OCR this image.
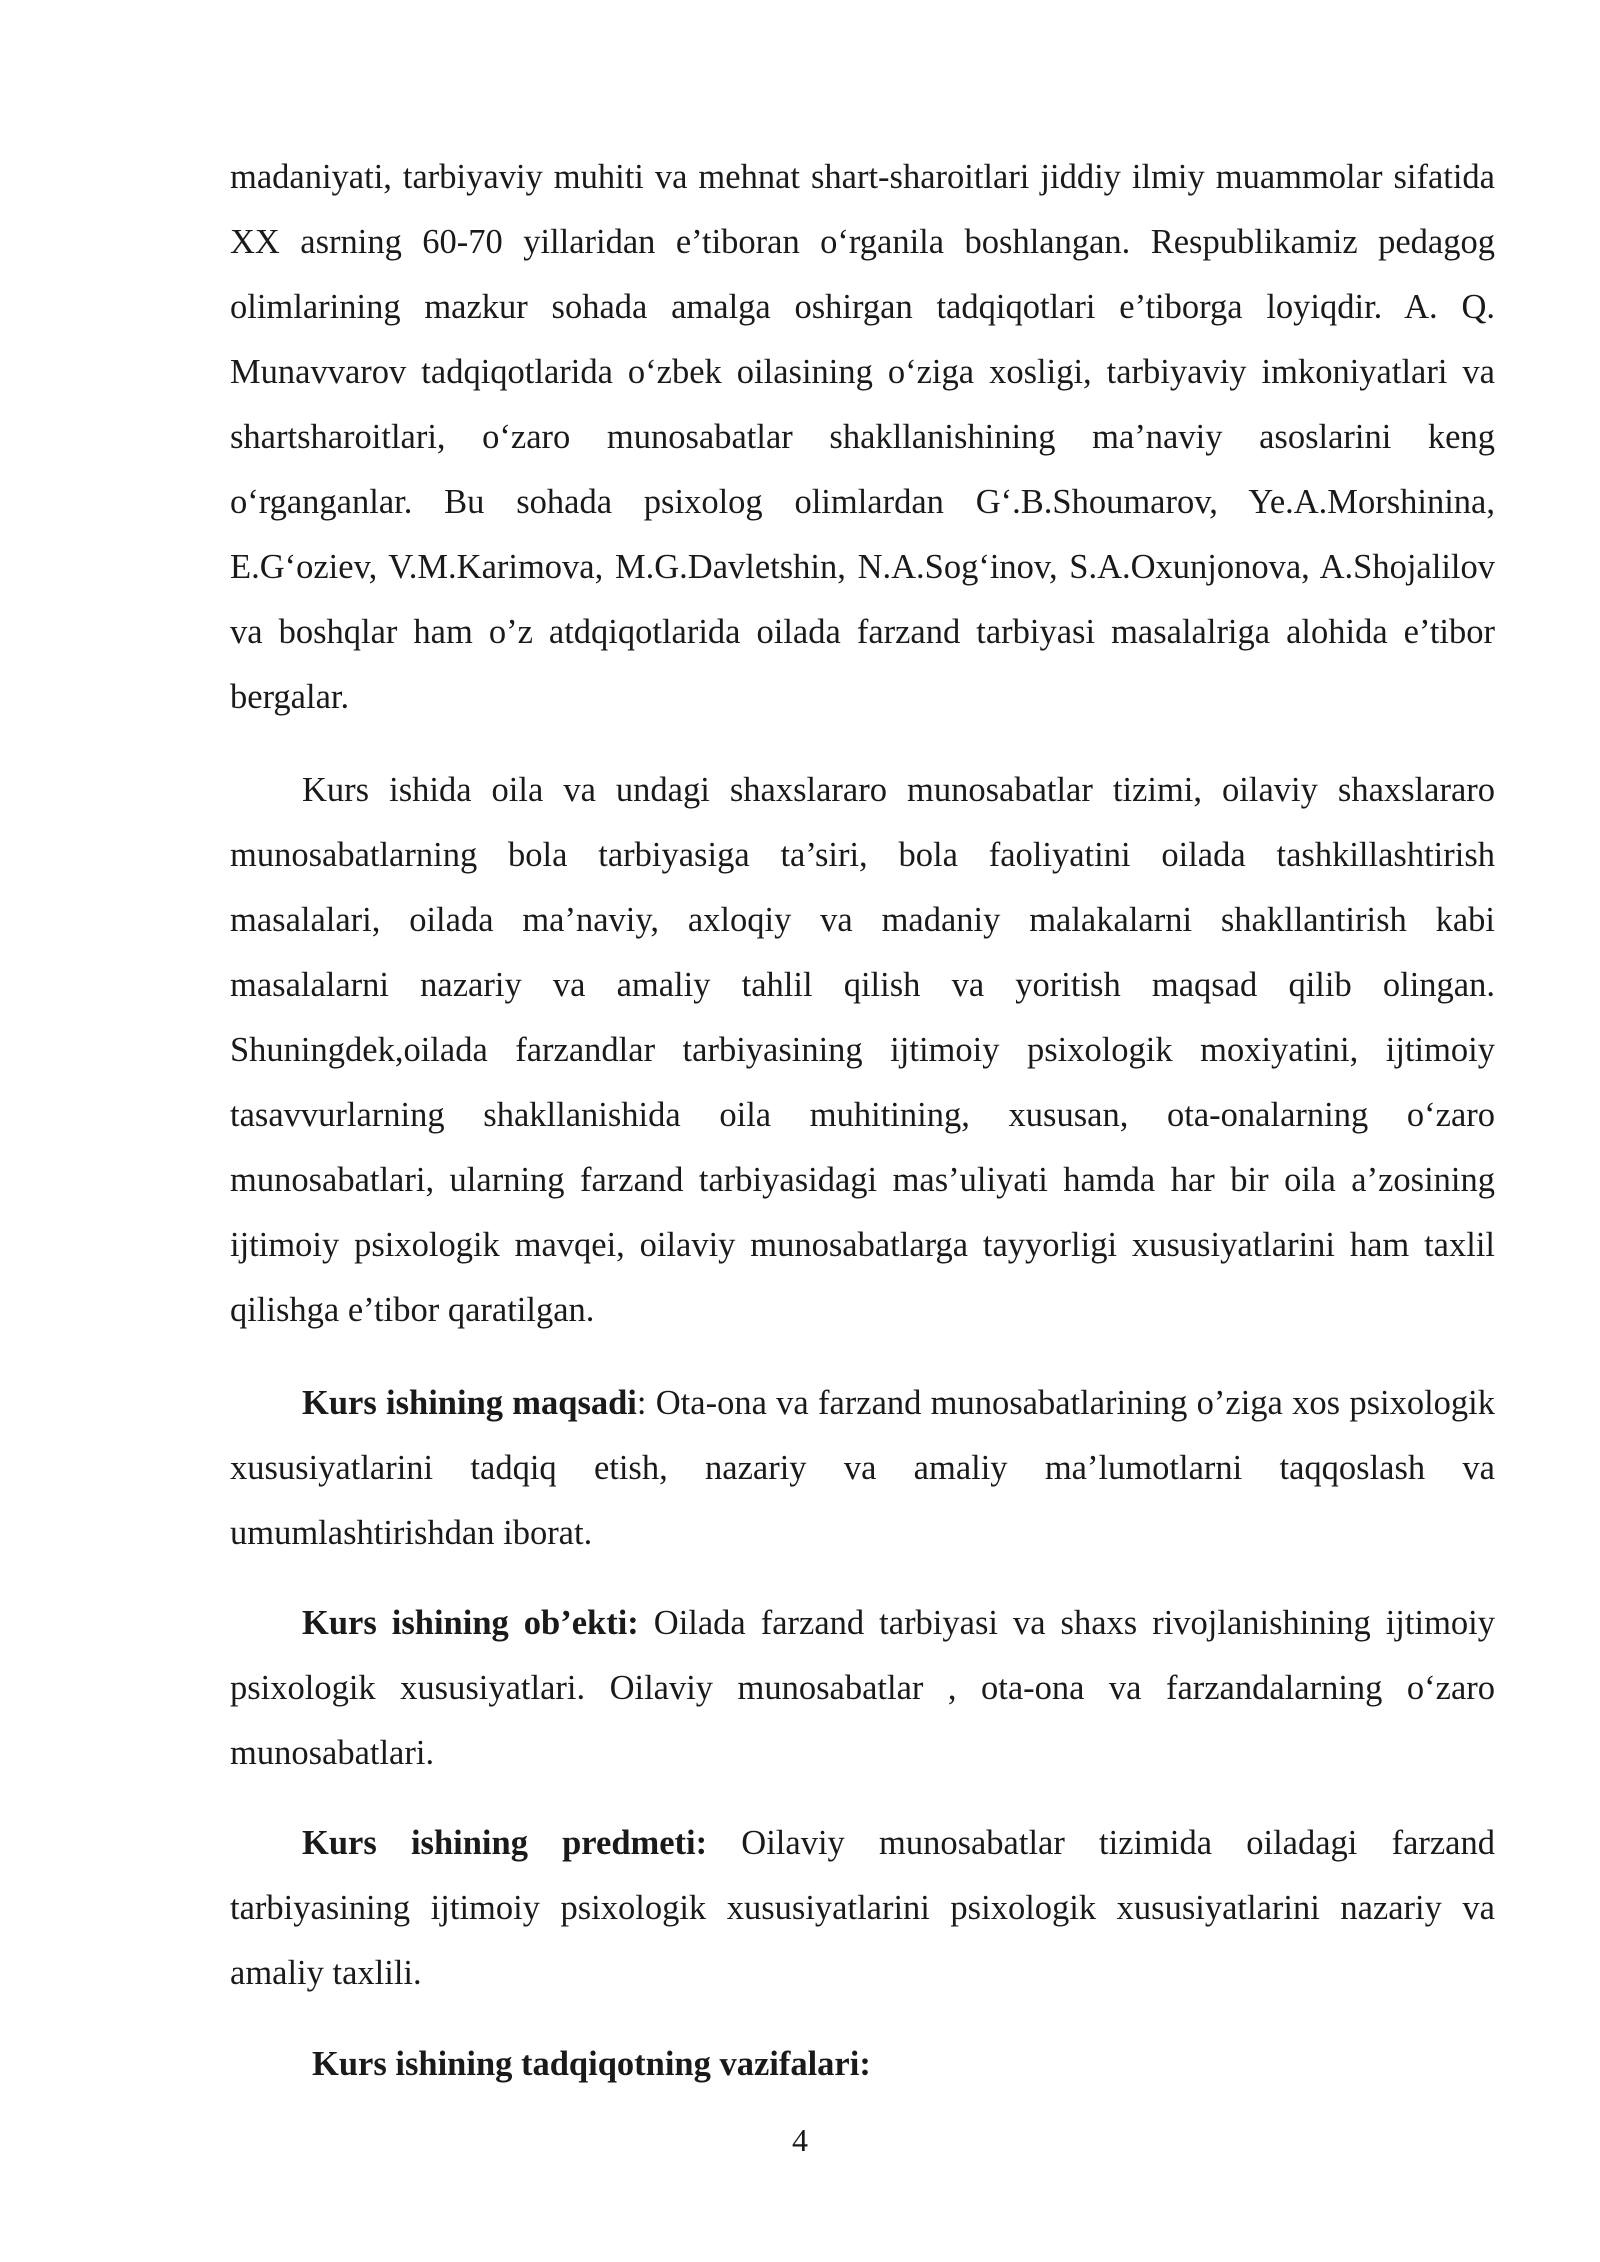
madaniyati, tarbiyaviy muhiti va mehnat shart-sharoitlari jiddiy ilmiy muammolar sifatida XX asrning 60-70 yillaridan e’tiboran o‘rganila boshlangan. Respublikamiz pedagog olimlarining mazkur sohada amalga oshirgan tadqiqotlari e’tiborga loyiqdir. A. Q. Munavvarov tadqiqotlarida o‘zbek oilasining o‘ziga xosligi, tarbiyaviy imkoniyatlari va shartsharoitlari, o‘zaro munosabatlar shakllanishining ma’naviy asoslarini keng o‘rganganlar. Bu sohada psixolog olimlardan G‘.B.Shoumarov, Ye.A.Morshinina, E.G‘oziev, V.M.Karimova, M.G.Davletshin, N.A.Sog‘inov, S.A.Oxunjonova, A.Shojalilov va boshqlar ham o’z atdqiqotlarida oilada farzand tarbiyasi masalalriga alohida e’tibor bergalar.

Kurs ishida oila va undagi shaxslararo munosabatlar tizimi, oilaviy shaxslararo munosabatlarning bola tarbiyasiga ta’siri, bola faoliyatini oilada tashkillashtirish masalalari, oilada ma’naviy, axloqiy va madaniy malakalarni shakllantirish kabi masalalarni nazariy va amaliy tahlil qilish va yoritish maqsad qilib olingan. Shuningdek,oilada farzandlar tarbiyasining ijtimoiy psixologik moxiyatini, ijtimoiy tasavvurlarning shakllanishida oila muhitining, xususan, ota-onalarning o‘zaro munosabatlari, ularning farzand tarbiyasidagi mas’uliyati hamda har bir oila a’zosining ijtimoiy psixologik mavqei, oilaviy munosabatlarga tayyorligi xususiyatlarini ham taxlil qilishga e’tibor qaratilgan.

Kurs ishining maqsadi: Ota-ona va farzand munosabatlarining o’ziga xos psixologik xususiyatlarini tadqiq etish, nazariy va amaliy ma’lumotlarni taqqoslash va umumlashtirishdan iborat.

Kurs ishining ob’ekti: Oilada farzand tarbiyasi va shaxs rivojlanishining ijtimoiy psixologik xususiyatlari. Oilaviy munosabatlar , ota-ona va farzandalarning o‘zaro munosabatlari.

Kurs ishining predmeti: Oilaviy munosabatlar tizimida oiladagi farzand tarbiyasining ijtimoiy psixologik xususiyatlarini psixologik xususiyatlarini nazariy va amaliy taxlili.

Kurs ishining tadqiqotning vazifalari:

4
